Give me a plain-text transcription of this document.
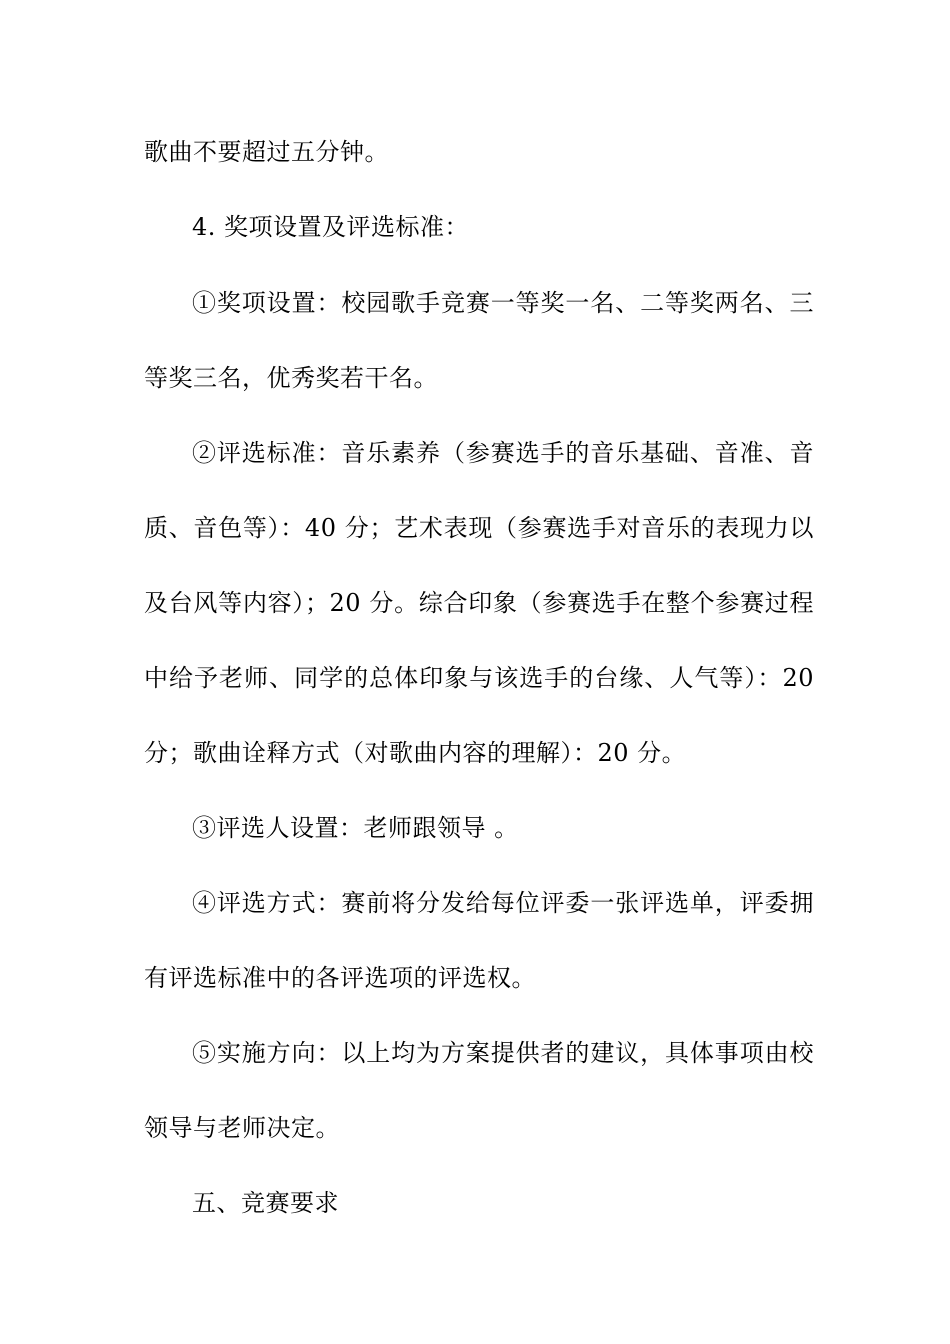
歌曲不要超过五分钟。
4. 奖项设置及评选标准：
①奖项设置：校园歌手竞赛一等奖一名、二等奖两名、三
等奖三名，优秀奖若干名。
②评选标准：音乐素养（参赛选手的音乐基础、音准、音
质、音色等）：40 分；艺术表现（参赛选手对音乐的表现力以
及台风等内容）；20 分。综合印象（参赛选手在整个参赛过程
中给予老师、同学的总体印象与该选手的台缘、人气等）：20
分；歌曲诠释方式（对歌曲内容的理解）：20 分。
③评选人设置：老师跟领导 。
④评选方式：赛前将分发给每位评委一张评选单，评委拥
有评选标准中的各评选项的评选权。
⑤实施方向：以上均为方案提供者的建议，具体事项由校
领导与老师决定。
五、竞赛要求
